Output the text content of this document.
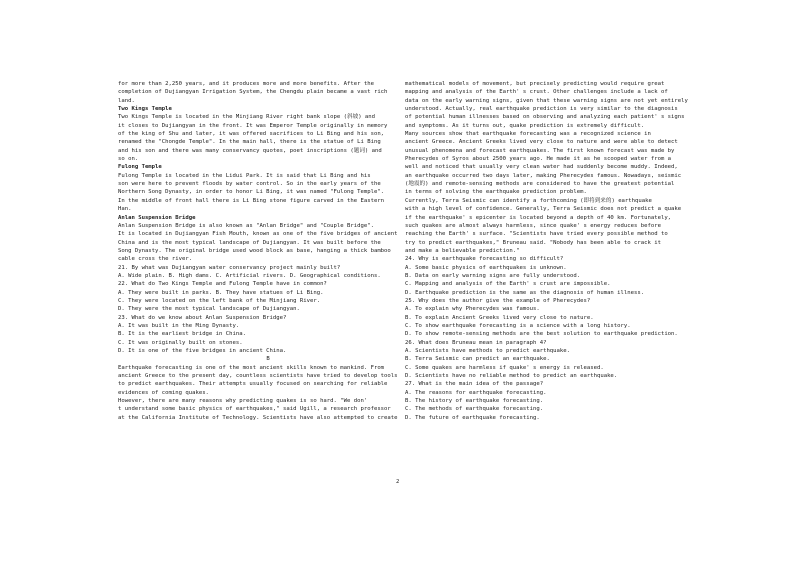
for more than 2,250 years, and it produces more and more benefits. After the
completion of Dujiangyan Irrigation System, the Chengdu plain became a vast rich
land.
Two Kings Temple
Two Kings Temple is located in the Minjiang River right bank slope (斜坡) and
it closes to Dujiangyan in the front. It was Emperor Temple originally in memory
of the king of Shu and later, it was offered sacrifices to Li Bing and his son,
renamed the "Chongde Temple". In the main hall, there is the statue of Li Bing
and his son and there was many conservancy quotes, poet inscriptions (题词) and
so on.
Fulong Temple
Fulong Temple is located in the Lidui Park. It is said that Li Bing and his
son were here to prevent floods by water control. So in the early years of the
Northern Song Dynasty, in order to honor Li Bing, it was named "Fulong Temple".
In the middle of front hall there is Li Bing stone figure carved in the Eastern
Han.
Anlan Suspension Bridge
Anlan Suspension Bridge is also known as "Anlan Bridge" and "Couple Bridge".
It is located in Dujiangyan Fish Mouth, known as one of the five bridges of ancient
China and is the most typical landscape of Dujiangyan. It was built before the
Song Dynasty. The original bridge used wood block as base, hanging a thick bamboo
cable cross the river.
21. By what was Dujiangyan water conservancy project mainly built?
A. Wide plain. B. High dams. C. Artificial rivers. D. Geographical conditions.
22. What do Two Kings Temple and Fulong Temple have in common?
A. They were built in parks. B. They have statues of Li Bing.
C. They were located on the left bank of the Minjiang River.
D. They were the most typical landscape of Dujiangyan.
23. What do we know about Anlan Suspension Bridge?
A. It was built in the Ming Dynasty.
B. It is the earliest bridge in China.
C. It was originally built on stones.
D. It is one of the five bridges in ancient China.
B
Earthquake forecasting is one of the most ancient skills known to mankind. From
ancient Greece to the present day, countless scientists have tried to develop tools
to predict earthquakes. Their attempts usually focused on searching for reliable
evidences of coming quakes.
However, there are many reasons why predicting quakes is so hard. "We don'
t understand some basic physics of earthquakes," said Ugill, a research professor
at the California Institute of Technology. Scientists have also attempted to create
mathematical models of movement, but precisely predicting would require great
mapping and analysis of the Earth' s crust. Other challenges include a lack of
data on the early warning signs, given that these warning signs are not yet entirely
understood. Actually, real earthquake prediction is very similar to the diagnosis
of potential human illnesses based on observing and analyzing each patient' s signs
and symptoms. As it turns out, quake prediction is extremely difficult.
Many sources show that earthquake forecasting was a recognized science in
ancient Greece. Ancient Greeks lived very close to nature and were able to detect
unusual phenomena and forecast earthquakes. The first known forecast was made by
Pherecydes of Syros about 2500 years ago. He made it as he scooped water from a
well and noticed that usually very clean water had suddenly become muddy. Indeed,
an earthquake occurred two days later, making Pherecydes famous. Nowadays, seismic
(地震的) and remote-sensing methods are considered to have the greatest potential
in terms of solving the earthquake prediction problem.
Currently, Terra Seismic can identify a forthcoming (即将到来的) earthquake
with a high level of confidence. Generally, Terra Seismic does not predict a quake
if the earthquake' s epicenter is located beyond a depth of 40 km. Fortunately,
such quakes are almost always harmless, since quake' s energy reduces before
reaching the Earth' s surface. "Scientists have tried every possible method to
try to predict earthquakes," Bruneau said. "Nobody has been able to crack it
and make a believable prediction."
24. Why is earthquake forecasting so difficult?
A. Some basic physics of earthquakes is unknown.
B. Data on early warning signs are fully understood.
C. Mapping and analysis of the Earth' s crust are impossible.
D. Earthquake prediction is the same as the diagnosis of human illness.
25. Why does the author give the example of Pherecydes?
A. To explain why Pherecydes was famous.
B. To explain Ancient Greeks lived very close to nature.
C. To show earthquake forecasting is a science with a long history.
D. To show remote-sensing methods are the best solution to earthquake prediction.
26. What does Bruneau mean in paragraph 4?
A. Scientists have methods to predict earthquake.
B. Terra Seismic can predict an earthquake.
C. Some quakes are harmless if quake' s energy is released.
D. Scientists have no reliable method to predict an earthquake.
27. What is the main idea of the passage?
A. The reasons for earthquake forecasting.
B. The history of earthquake forecasting.
C. The methods of earthquake forecasting.
D. The future of earthquake forecasting.
2
